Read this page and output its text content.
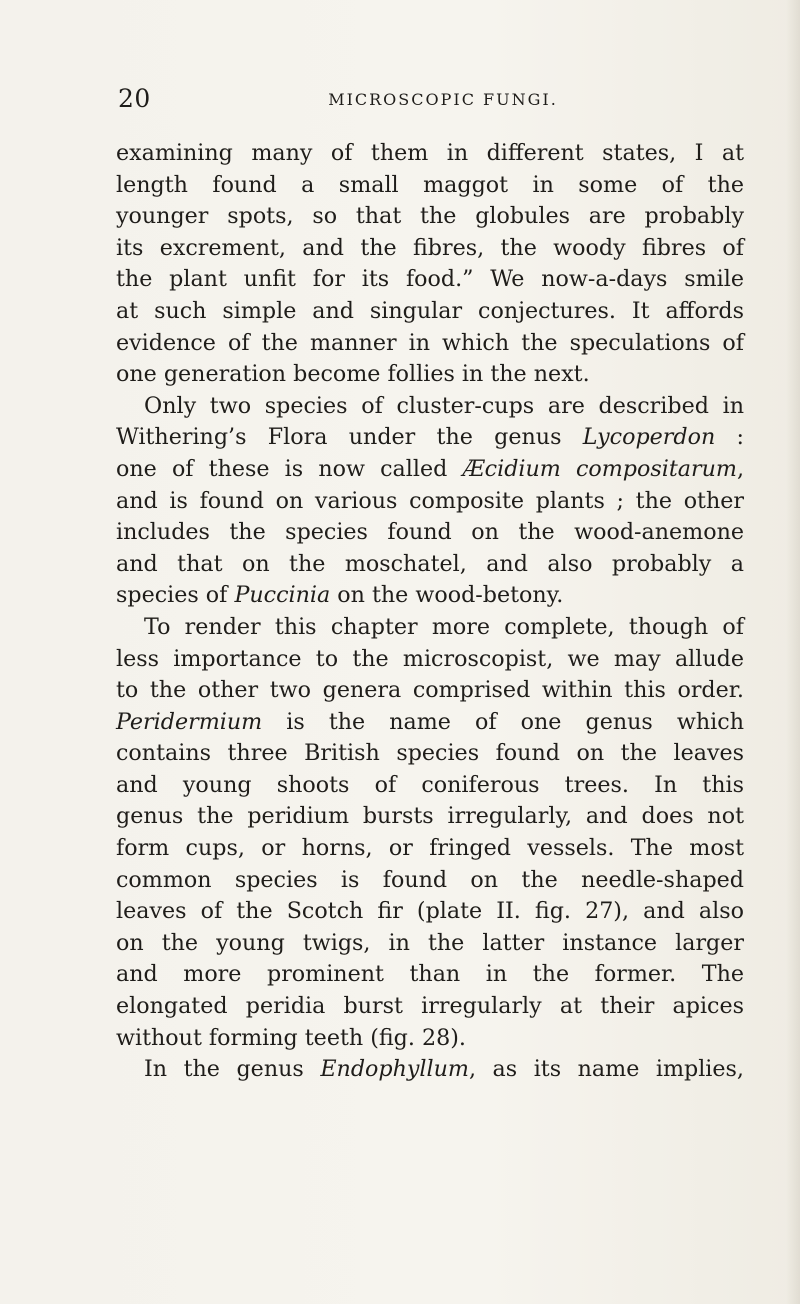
20	MICROSCOPIC FUNGI.
examining many of them in different states, I at
length found a small maggot in some of the
younger spots, so that the globules are probably
its excrement, and the fibres, the woody fibres of
the plant unfit for its food.” We now-a-days smile
at such simple and singular conjectures. It affords
evidence of the manner in which the speculations of
one generation become follies in the next.
Only two species of cluster-cups are described in
Withering’s Flora under the genus Lycoperdon :
one of these is now called Æcidium compositarum,
and is found on various composite plants ; the other
includes the species found on the wood-anemone
and that on the moschatel, and also probably a
species of Puccinia on the wood-betony.
To render this chapter more complete, though of
less importance to the microscopist, we may allude
to the other two genera comprised within this order.
Peridermium is the name of one genus which
contains three British species found on the leaves
and young shoots of coniferous trees. In this
genus the peridium bursts irregularly, and does not
form cups, or horns, or fringed vessels. The most
common species is found on the needle-shaped
leaves of the Scotch fir (plate II. fig. 27), and also
on the young twigs, in the latter instance larger
and more prominent than in the former. The
elongated peridia burst irregularly at their apices
without forming teeth (fig. 28).
In the genus Endophyllum, as its name implies,
